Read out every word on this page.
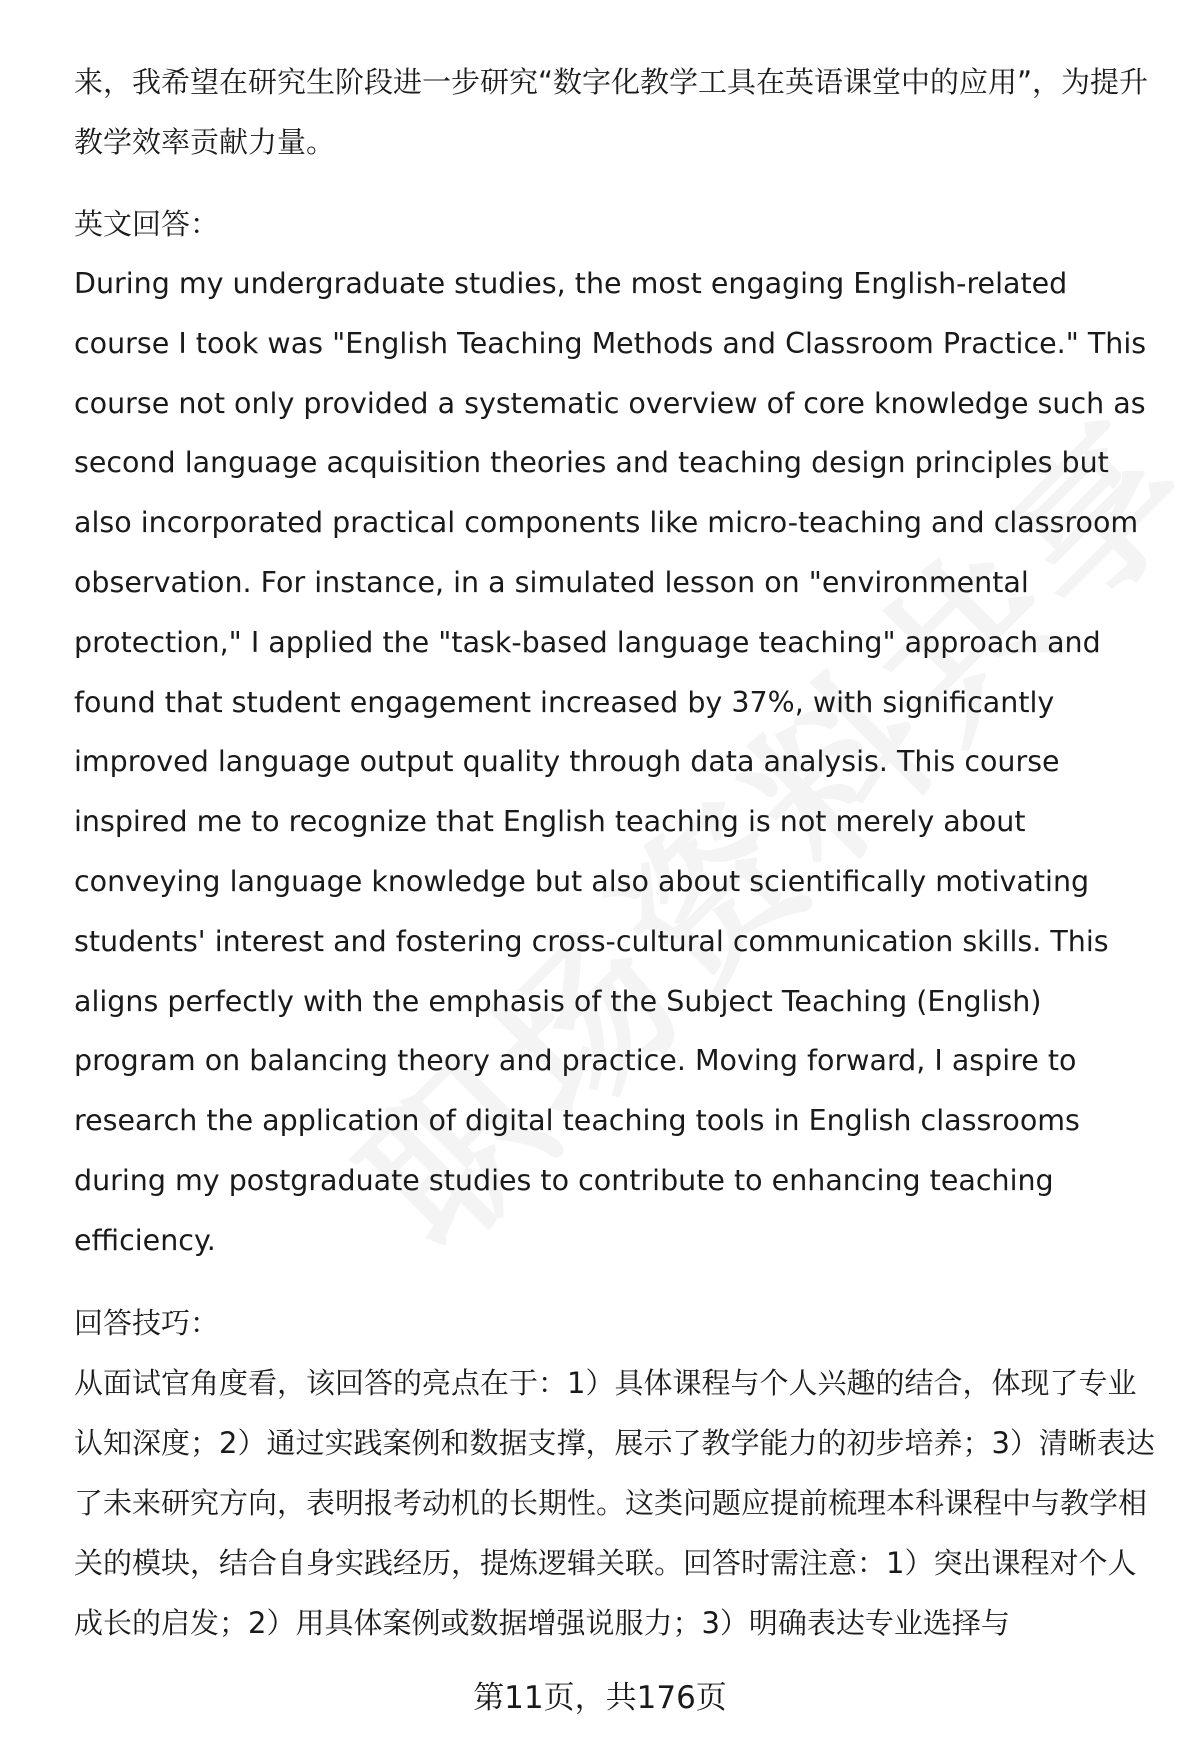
来，我希望在研究生阶段进一步研究“数字化教学工具在英语课堂中的应用”，为提升教学效率贡献力量。

英文回答：

During my undergraduate studies, the most engaging English-related course I took was "English Teaching Methods and Classroom Practice." This course not only provided a systematic overview of core knowledge such as second language acquisition theories and teaching design principles but also incorporated practical components like micro-teaching and classroom observation. For instance, in a simulated lesson on "environmental protection," I applied the "task-based language teaching" approach and found that student engagement increased by 37%, with significantly improved language output quality through data analysis. This course inspired me to recognize that English teaching is not merely about conveying language knowledge but also about scientifically motivating students' interest and fostering cross-cultural communication skills. This aligns perfectly with the emphasis of the Subject Teaching (English) program on balancing theory and practice. Moving forward, I aspire to research the application of digital teaching tools in English classrooms during my postgraduate studies to contribute to enhancing teaching efficiency.

回答技巧：

从面试官角度看，该回答的亮点在于：1）具体课程与个人兴趣的结合，体现了专业认知深度；2）通过实践案例和数据支撑，展示了教学能力的初步培养；3）清晰表达了未来研究方向，表明报考动机的长期性。这类问题应提前梳理本科课程中与教学相关的模块，结合自身实践经历，提炼逻辑关联。回答时需注意：1）突出课程对个人成长的启发；2）用具体案例或数据增强说服力；3）明确表达专业选择与

第11页，共176页
